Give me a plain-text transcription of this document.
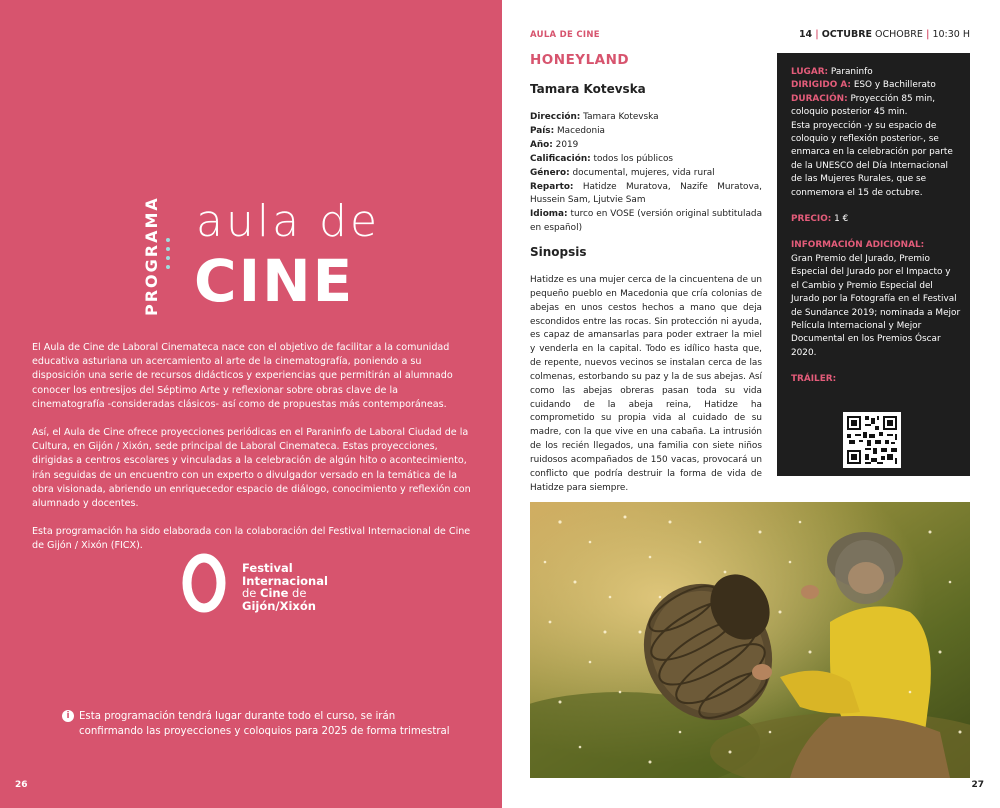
PROGRAMA aula de
CINE

El Aula de Cine de Laboral Cinemateca nace con el objetivo de facilitar a la comunidad educativa asturiana un acercamiento al arte de la cinematografía, poniendo a su disposición una serie de recursos didácticos y experiencias que permitirán al alumnado conocer los entresijos del Séptimo Arte y reflexionar sobre obras clave de la cinematografía -consideradas clásicos- así como de propuestas más contemporáneas.

Así, el Aula de Cine ofrece proyecciones periódicas en el Paraninfo de Laboral Ciudad de la Cultura, en Gijón / Xixón, sede principal de Laboral Cinemateca. Estas proyecciones, dirigidas a centros escolares y vinculadas a la celebración de algún hito o acontecimiento, irán seguidas de un encuentro con un experto o divulgador versado en la temática de la obra visionada, abriendo un enriquecedor espacio de diálogo, conocimiento y reflexión con alumnado y docentes.

Esta programación ha sido elaborada con la colaboración del Festival Internacional de Cine de Gijón / Xixón (FICX).

Festival
Internacional
de Cine de
Gijón/Xixón
i Esta programación tendrá lugar durante todo el curso, se irán confirmando las proyecciones y coloquios para 2025 de forma trimestral
26
AULA DE CINE	14 | OCTUBRE OCHOBRE | 10:30 H
HONEYLAND
Tamara Kotevska
Dirección: Tamara Kotevska
País: Macedonia
Año: 2019
Calificación: todos los públicos
Género: documental, mujeres, vida rural
Reparto: Hatidze Muratova, Nazife Muratova, Hussein Sam, Ljutvie Sam
Idioma: turco en VOSE (versión original subtitulada en español)
Sinopsis
Hatidze es una mujer cerca de la cincuentena de un pequeño pueblo en Macedonia que cría colonias de abejas en unos cestos hechos a mano que deja escondidos entre las rocas. Sin protección ni ayuda, es capaz de amansarlas para poder extraer la miel y venderla en la capital. Todo es idílico hasta que, de repente, nuevos vecinos se instalan cerca de las colmenas, estorbando su paz y la de sus abejas. Así como las abejas obreras pasan toda su vida cuidando de la abeja reina, Hatidze ha comprometido su propia vida al cuidado de su madre, con la que vive en una cabaña. La intrusión de los recién llegados, una familia con siete niños ruidosos acompañados de 150 vacas, provocará un conflicto que podría destruir la forma de vida de Hatidze para siempre.
LUGAR: Paraninfo
DIRIGIDO A: ESO y Bachillerato
DURACIÓN: Proyección 85 min, coloquio posterior 45 min.
Esta proyección -y su espacio de coloquio y reflexión posterior-, se enmarca en la celebración por parte de la UNESCO del Día Internacional de las Mujeres Rurales, que se conmemora el 15 de octubre.
PRECIO: 1 €
INFORMACIÓN ADICIONAL:
Gran Premio del Jurado, Premio Especial del Jurado por el Impacto y el Cambio y Premio Especial del Jurado por la Fotografía en el Festival de Sundance 2019; nominada a Mejor Película Internacional y Mejor Documental en los Premios Óscar 2020.
TRÁILER:
27
